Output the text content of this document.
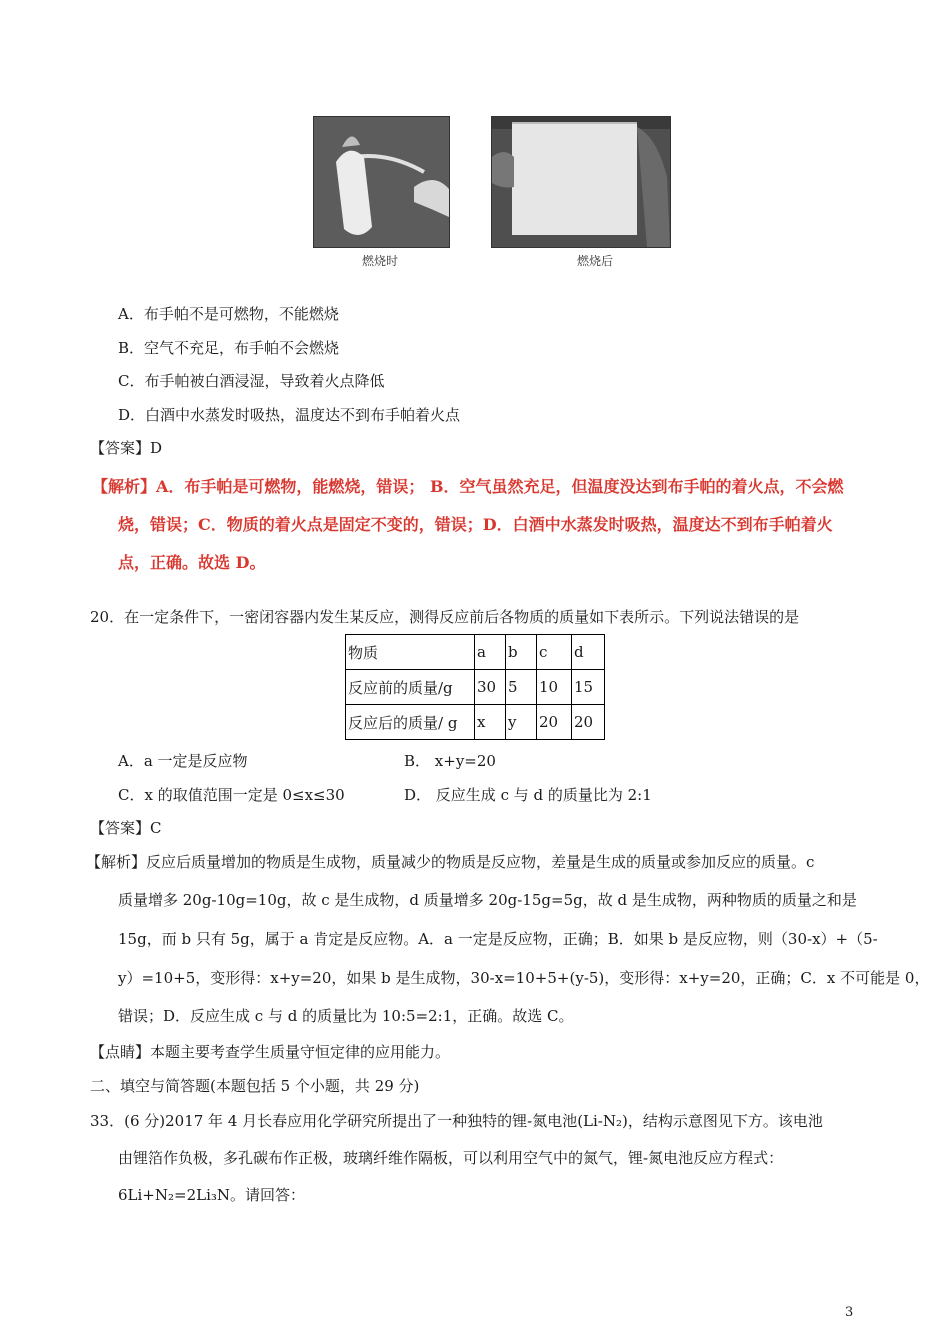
燃烧时	燃烧后
A．布手帕不是可燃物，不能燃烧
B．空气不充足，布手帕不会燃烧
C．布手帕被白酒浸湿，导致着火点降低
D．白酒中水蒸发时吸热，温度达不到布手帕着火点
【答案】D
【解析】A．布手帕是可燃物，能燃烧，错误； B．空气虽然充足，但温度没达到布手帕的着火点，不会燃
烧，错误；C．物质的着火点是固定不变的，错误；D．白酒中水蒸发时吸热，温度达不到布手帕着火
点，正确。故选 D。
20．在一定条件下，一密闭容器内发生某反应，测得反应前后各物质的质量如下表所示。下列说法错误的是
物质	a	b	c	d
反应前的质量/g	30	5	10	15
反应后的质量/ g	x	y	20	20
A．a 一定是反应物	B． x+y=20
C．x 的取值范围一定是 0≤x≤30	D． 反应生成 c 与 d 的质量比为 2:1
【答案】C
【解析】反应后质量增加的物质是生成物，质量减少的物质是反应物，差量是生成的质量或参加反应的质量。c
质量增多 20g-10g=10g，故 c 是生成物，d 质量增多 20g-15g=5g，故 d 是生成物，两种物质的质量之和是
15g，而 b 只有 5g，属于 a 肯定是反应物。A．a 一定是反应物，正确；B．如果 b 是反应物，则（30-x）+（5-
y）=10+5，变形得：x+y=20，如果 b 是生成物，30-x=10+5+(y-5)，变形得：x+y=20，正确；C．x 不可能是 0，
错误；D．反应生成 c 与 d 的质量比为 10:5=2:1，正确。故选 C。
【点睛】本题主要考查学生质量守恒定律的应用能力。
二、填空与简答题(本题包括 5 个小题，共 29 分)
33．(6 分)2017 年 4 月长春应用化学研究所提出了一种独特的锂-氮电池(Li-N₂)，结构示意图见下方。该电池
由锂箔作负极，多孔碳布作正极，玻璃纤维作隔板，可以利用空气中的氮气，锂-氮电池反应方程式：
6Li+N₂=2Li₃N。请回答：
3
